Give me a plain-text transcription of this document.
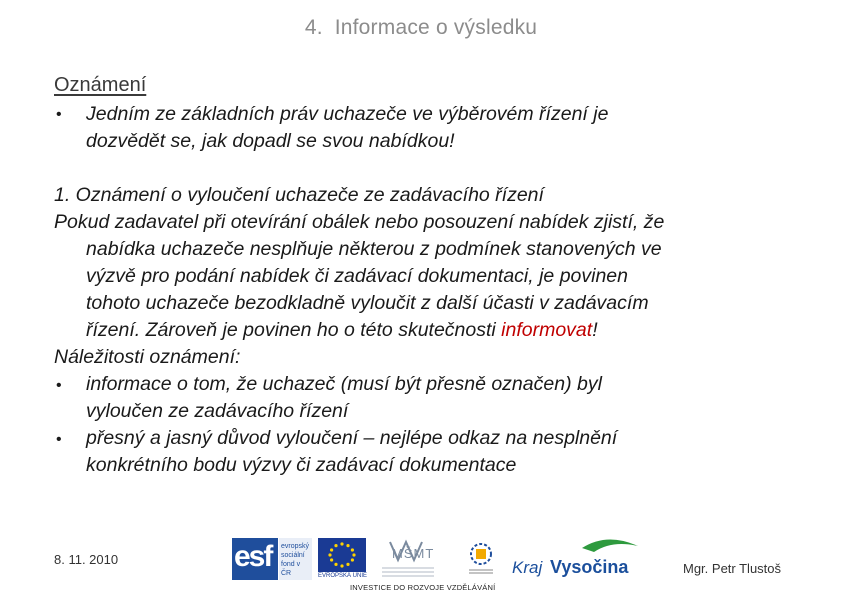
4. Informace o výsledku
Oznámení
• Jedním ze základních práv uchazeče ve výběrovém řízení je
dozvědět se, jak dopadl se svou nabídkou!
1. Oznámení o vyloučení uchazeče ze zadávacího řízení
Pokud zadavatel při otevírání obálek nebo posouzení nabídek zjistí, že
nabídka uchazeče nesplňuje některou z podmínek stanovených ve
výzvě pro podání nabídek či zadávací dokumentaci, je povinen
tohoto uchazeče bezodkladně vyloučit z další účasti v zadávacím
řízení. Zároveň je povinen ho o této skutečnosti informovat!
Náležitosti oznámení:
• informace o tom, že uchazeč (musí být přesně označen) byl
vyloučen ze zadávacího řízení
• přesný a jasný důvod vyloučení – nejlépe odkaz na nesplnění
konkrétního bodu výzvy či zadávací dokumentace
8. 11. 2010
Mgr. Petr Tlustoš
esf evropský
sociální
fond v ČR	EVROPSKÁ UNIE
MŠMT
Kraj Vysočina
INVESTICE DO ROZVOJE VZDĚLÁVÁNÍ
